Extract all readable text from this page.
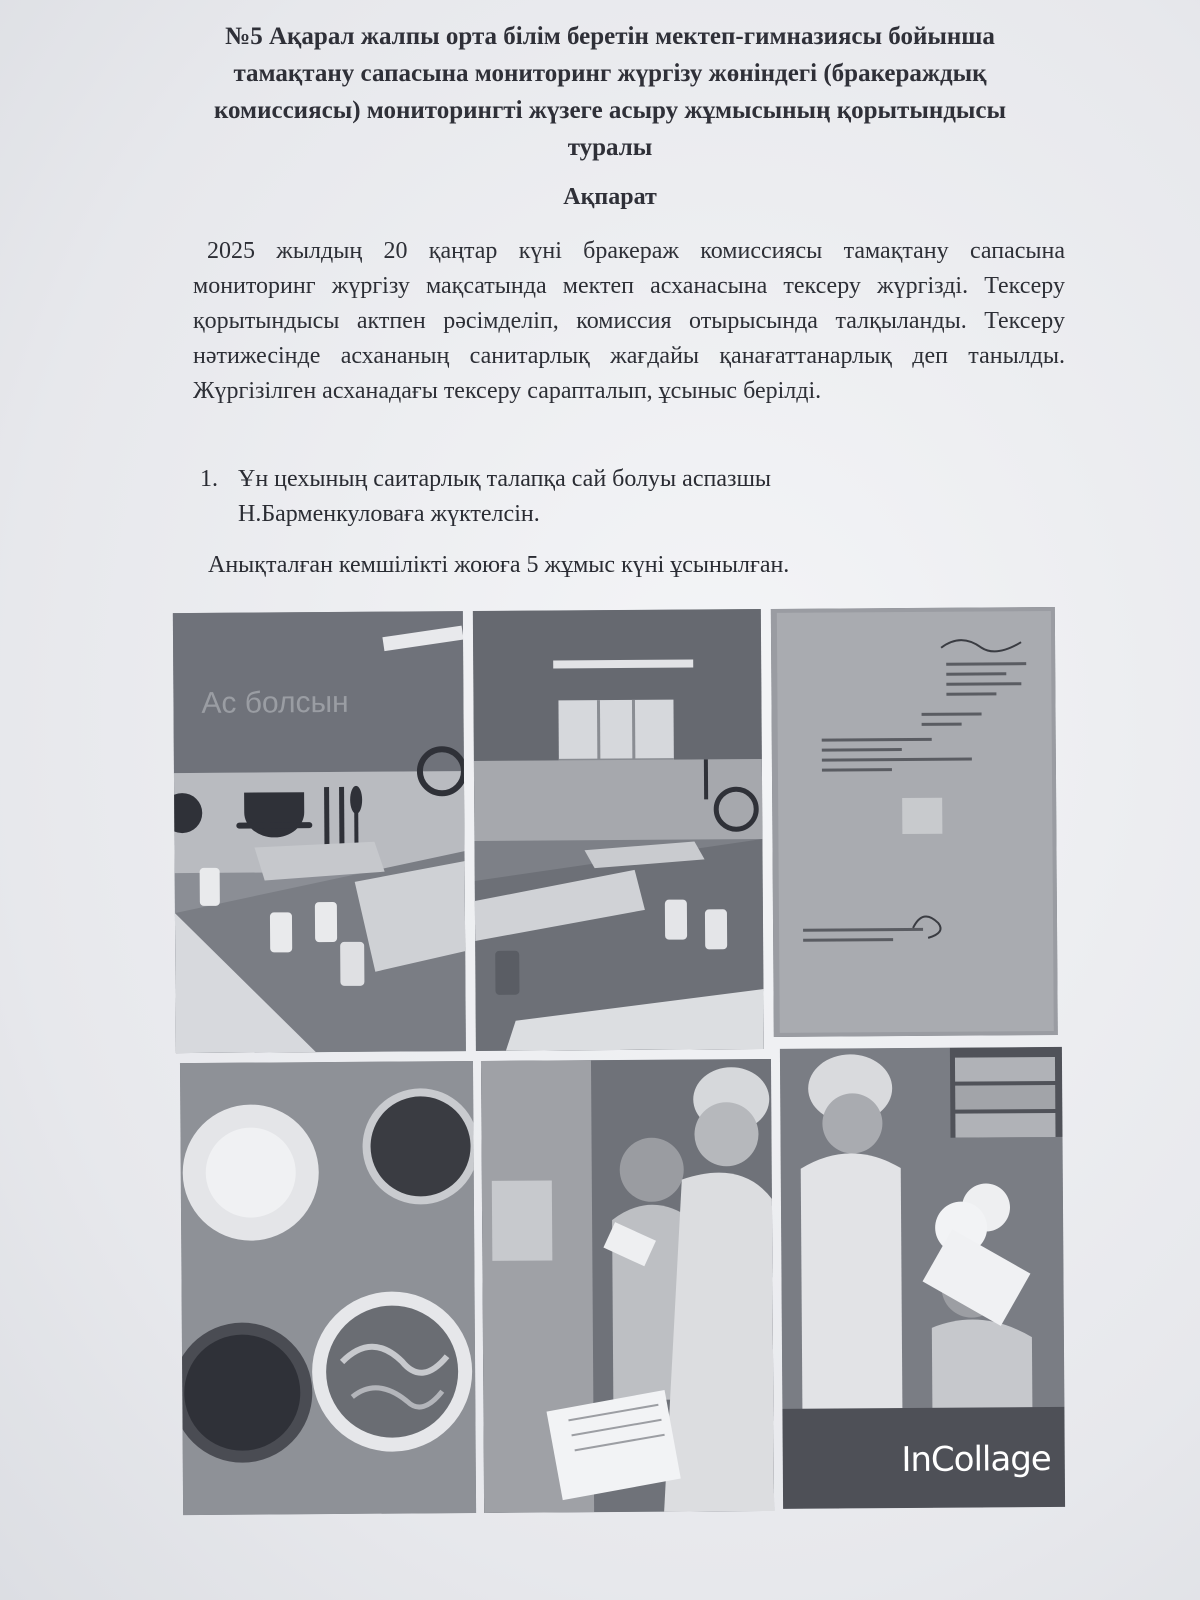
№5 Ақарал жалпы орта білім беретін мектеп-гимназиясы бойынша
тамақтану сапасына мониторинг жүргізу жөніндегі (бракераждық
комиссиясы) мониторингті жүзеге асыру жұмысының қорытындысы
туралы
Ақпарат
2025 жылдың 20 қаңтар күні бракераж комиссиясы тамақтану сапасына мониторинг жүргізу мақсатында мектеп асханасына тексеру жүргізді. Тексеру қорытындысы актпен рәсімделіп, комиссия отырысында талқыланды. Тексеру нәтижесінде асхананың санитарлық жағдайы қанағаттанарлық деп танылды. Жүргізілген асханадағы тексеру сарапталып, ұсыныс берілді.
1. Ұн цехының саитарлық талапқа сай болуы аспазшы
Н.Барменкуловаға жүктелсін.
Анықталған кемшілікті жоюға 5 жұмыс күні ұсынылған.
Ас болсын
InCollage
